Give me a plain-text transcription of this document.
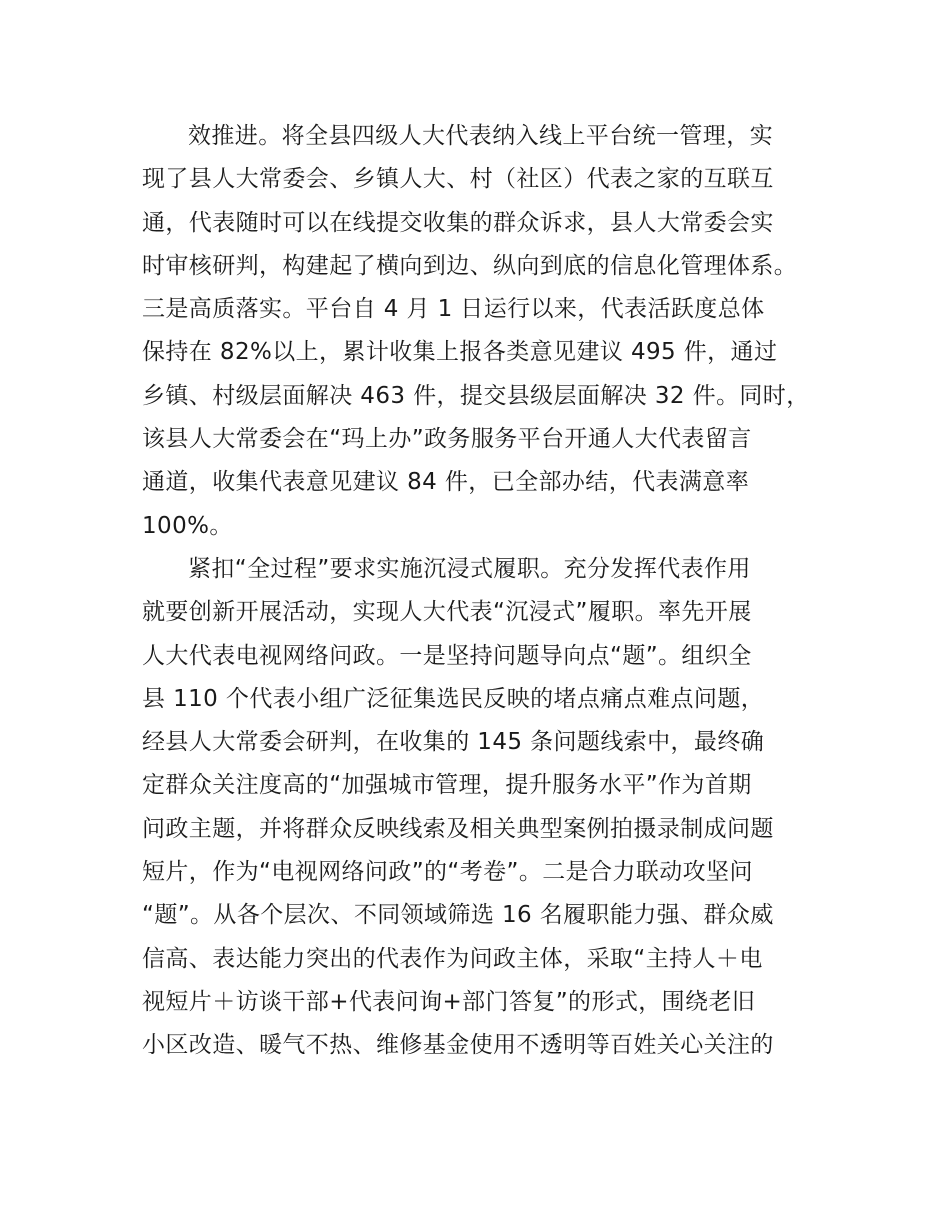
效推进。将全县四级人大代表纳入线上平台统一管理，实
现了县人大常委会、乡镇人大、村（社区）代表之家的互联互
通，代表随时可以在线提交收集的群众诉求，县人大常委会实
时审核研判，构建起了横向到边、纵向到底的信息化管理体系。
三是高质落实。平台自 4 月 1 日运行以来，代表活跃度总体
保持在 82%以上，累计收集上报各类意见建议 495 件，通过
乡镇、村级层面解决 463 件，提交县级层面解决 32 件。同时，
该县人大常委会在“玛上办”政务服务平台开通人大代表留言
通道，收集代表意见建议 84 件，已全部办结，代表满意率
100%。
紧扣“全过程”要求实施沉浸式履职。充分发挥代表作用
就要创新开展活动，实现人大代表“沉浸式”履职。率先开展
人大代表电视网络问政。一是坚持问题导向点“题”。组织全
县 110 个代表小组广泛征集选民反映的堵点痛点难点问题，
经县人大常委会研判，在收集的 145 条问题线索中，最终确
定群众关注度高的“加强城市管理，提升服务水平”作为首期
问政主题，并将群众反映线索及相关典型案例拍摄录制成问题
短片，作为“电视网络问政”的“考卷”。二是合力联动攻坚问
“题”。从各个层次、不同领域筛选 16 名履职能力强、群众威
信高、表达能力突出的代表作为问政主体，采取“主持人＋电
视短片＋访谈干部+代表问询+部门答复”的形式，围绕老旧
小区改造、暖气不热、维修基金使用不透明等百姓关心关注的
